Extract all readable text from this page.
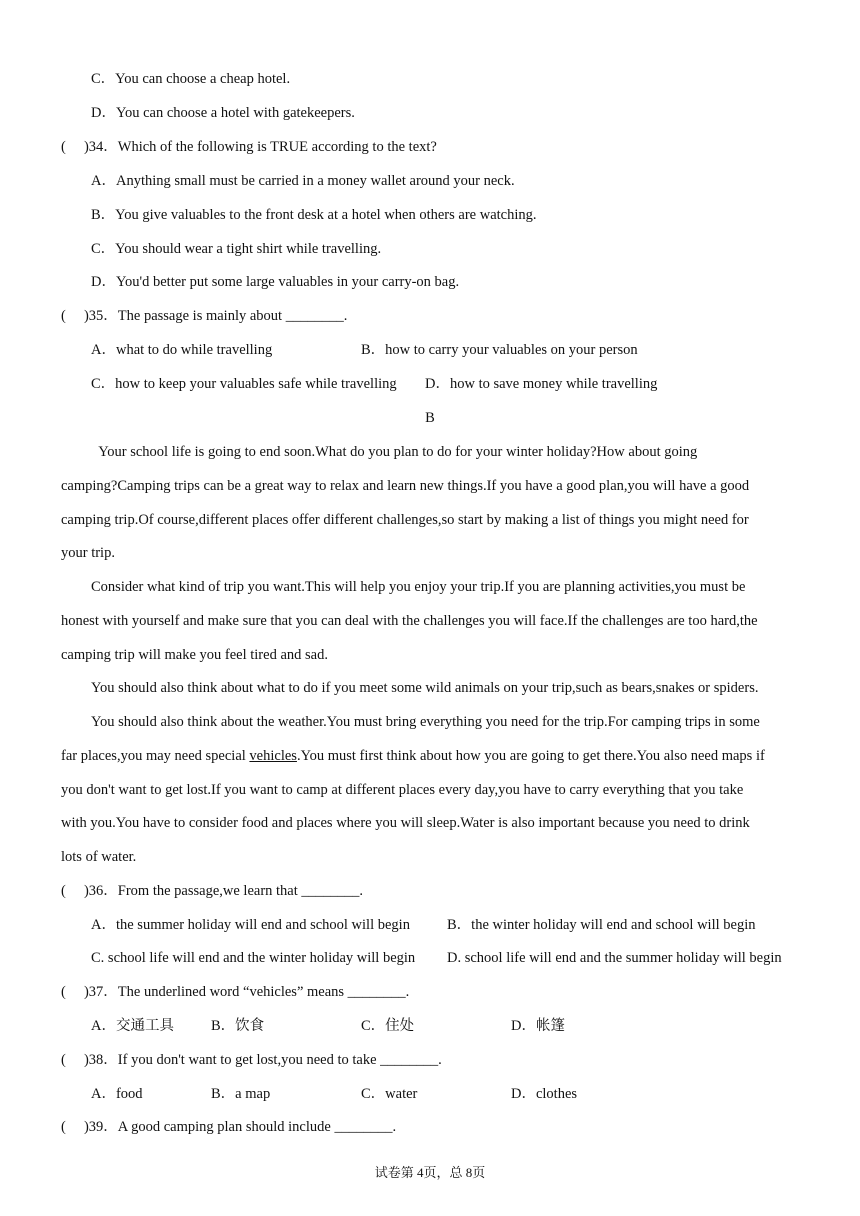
C．You can choose a cheap hotel.
D．You can choose a hotel with gatekeepers.
(     )34．Which of the following is TRUE according to the text?
A．Anything small must be carried in a money wallet around your neck.
B．You give valuables to the front desk at a hotel when others are watching.
C．You should wear a tight shirt while travelling.
D．You'd better put some large valuables in your carry-on bag.
(     )35．The passage is mainly about ________.
A．what to do while travelling	B．how to carry your valuables on your person
C．how to keep your valuables safe while travelling D．how to save money while travelling
B
Your school life is going to end soon.What do you plan to do for your winter holiday?How about going
camping?Camping trips can be a great way to relax and learn new things.If you have a good plan,you will have a good
camping trip.Of course,different places offer different challenges,so start by making a list of things you might need for
your trip.
Consider what kind of trip you want.This will help you enjoy your trip.If you are planning activities,you must be
honest with yourself and make sure that you can deal with the challenges you will face.If the challenges are too hard,the
camping trip will make you feel tired and sad.
You should also think about what to do if you meet some wild animals on your trip,such as bears,snakes or spiders.
You should also think about the weather.You must bring everything you need for the trip.For camping trips in some
far places,you may need special vehicles.You must first think about how you are going to get there.You also need maps if
you don't want to get lost.If you want to camp at different places every day,you have to carry everything that you take
with you.You have to consider food and places where you will sleep.Water is also important because you need to drink
lots of water.
(     )36．From the passage,we learn that ________.
A．the summer holiday will end and school will begin	B．the winter holiday will end and school will begin
C. school life will end and the winter holiday will begin D. school life will end and the summer holiday will begin
(     )37．The underlined word “vehicles” means ________.
A．交通工具	B．饮食	C．住处	D．帐篷
(     )38．If you don't want to get lost,you need to take ________.
A．food	B．a map	C．water	D．clothes
(     )39．A good camping plan should include ________.
试卷第 4页，总 8页
